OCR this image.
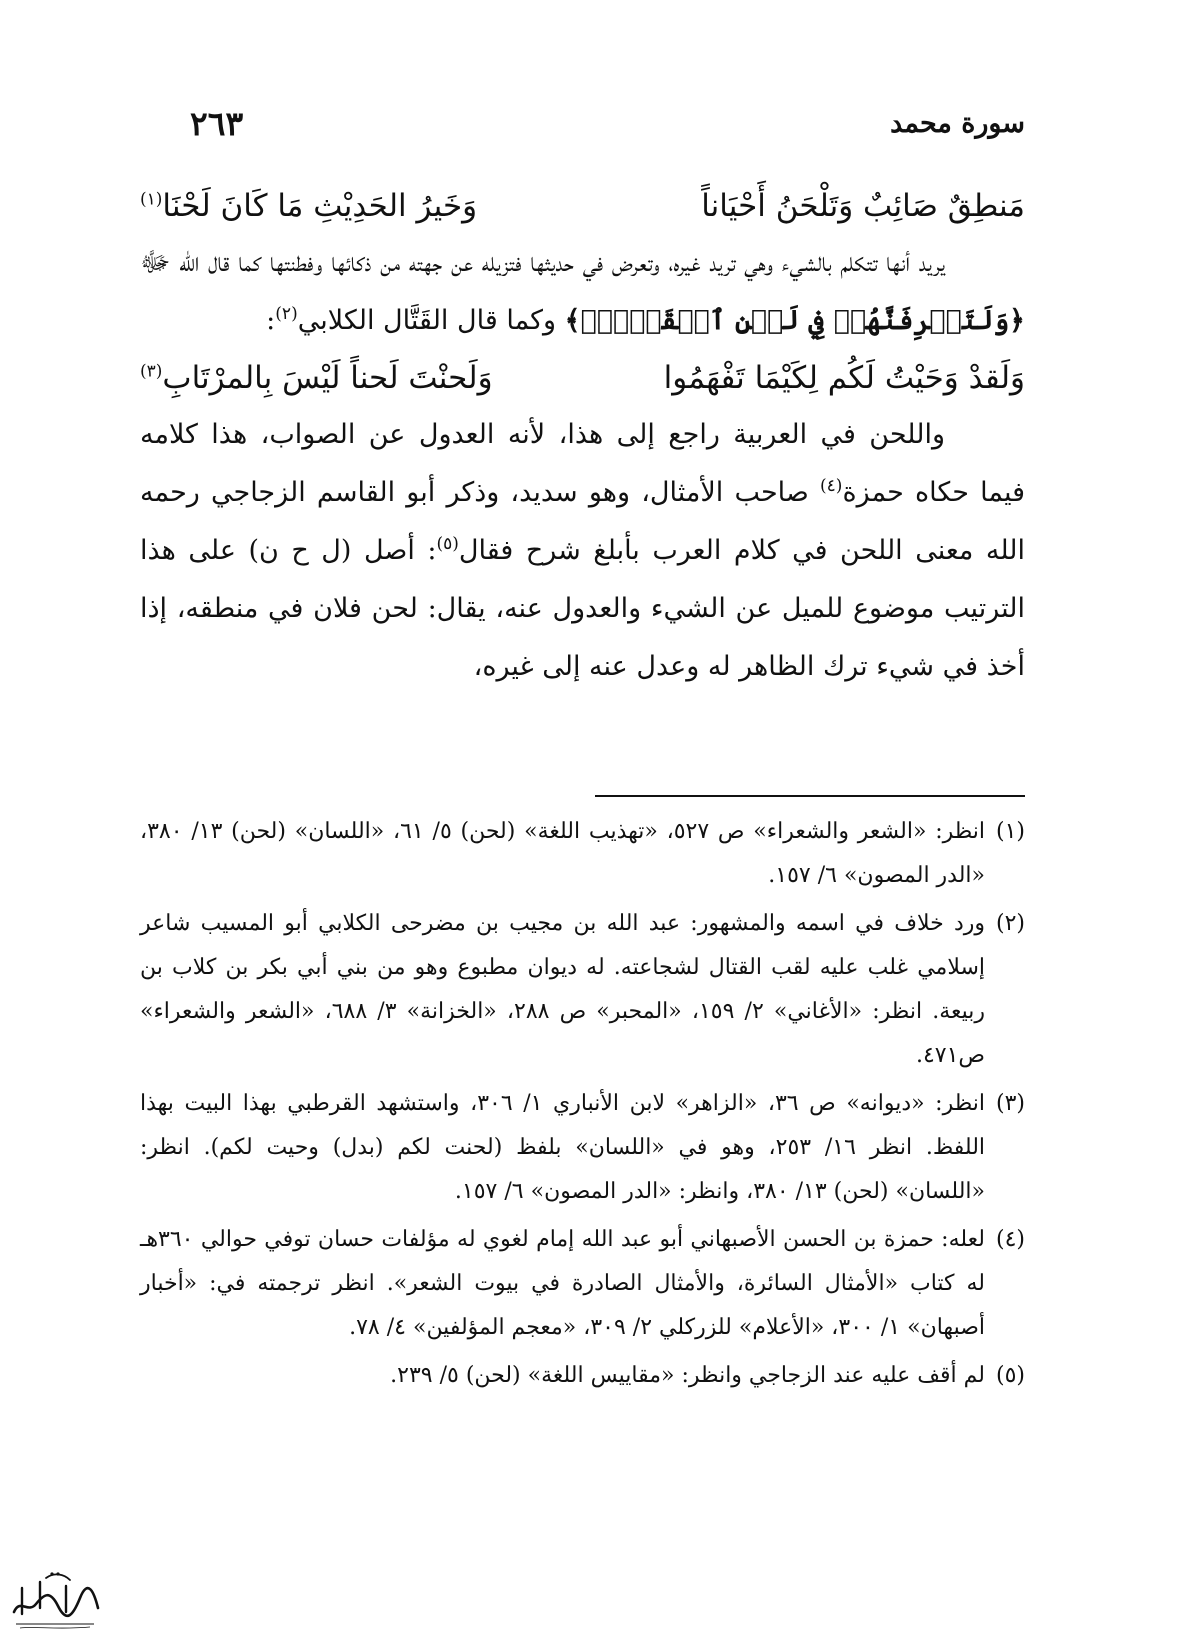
سورة محمد
٢٦٣
مَنطِقٌ صَائِبٌ وَتَلْحَنُ أَحْيَاناً
وَخَيرُ الحَدِيْثِ مَا كَانَ لَحْنَا$^{(١)}$

يريد أنها تتكلم بالشيء وهي تريد غيره، وتعرض في حديثها فتزيله عن جهته من ذكائها وفطنتها كما قال الله ﷻ ﴿وَلَتَعۡرِفَنَّهُمۡ فِي لَحۡنِ ٱلۡقَوۡلِۚ﴾ وكما قال القَتَّال الكلابي$^{(٢)}$:

وَلَقدْ وَحَيْتُ لَكُم لِكَيْمَا تَفْهَمُوا
وَلَحنْتَ لَحناً لَيْسَ بِالمرْتَابِ$^{(٣)}$

واللحن في العربية راجع إلى هذا، لأنه العدول عن الصواب، هذا كلامه فيما حكاه حمزة$^{(٤)}$ صاحب الأمثال، وهو سديد، وذكر أبو القاسم الزجاجي رحمه الله معنى اللحن في كلام العرب بأبلغ شرح فقال$^{(٥)}$: أصل (ل ح ن) على هذا الترتيب موضوع للميل عن الشيء والعدول عنه، يقال: لحن فلان في منطقه، إذا أخذ في شيء ترك الظاهر له وعدل عنه إلى غيره،

(١)
انظر: «الشعر والشعراء» ص ٥٢٧، «تهذيب اللغة» (لحن) ٥/ ٦١، «اللسان» (لحن) ١٣/ ٣٨٠، «الدر المصون» ٦/ ١٥٧.
(٢)
ورد خلاف في اسمه والمشهور: عبد الله بن مجيب بن مضرحى الكلابي أبو المسيب شاعر إسلامي غلب عليه لقب القتال لشجاعته. له ديوان مطبوع وهو من بني أبي بكر بن كلاب بن ربيعة. انظر: «الأغاني» ٢/ ١٥٩، «المحبر» ص ٢٨٨، «الخزانة» ٣/ ٦٨٨، «الشعر والشعراء» ص٤٧١.
(٣)
انظر: «ديوانه» ص ٣٦، «الزاهر» لابن الأنباري ١/ ٣٠٦، واستشهد القرطبي بهذا البيت بهذا اللفظ. انظر ١٦/ ٢٥٣، وهو في «اللسان» بلفظ (لحنت لكم (بدل) وحيت لكم). انظر: «اللسان» (لحن) ١٣/ ٣٨٠، وانظر: «الدر المصون» ٦/ ١٥٧.
(٤)
لعله: حمزة بن الحسن الأصبهاني أبو عبد الله إمام لغوي له مؤلفات حسان توفي حوالي ٣٦٠هـ له كتاب «الأمثال السائرة، والأمثال الصادرة في بيوت الشعر». انظر ترجمته في: «أخبار أصبهان» ١/ ٣٠٠، «الأعلام» للزركلي ٢/ ٣٠٩، «معجم المؤلفين» ٤/ ٧٨.
(٥)
لم أقف عليه عند الزجاجي وانظر: «مقاييس اللغة» (لحن) ٥/ ٢٣٩.
